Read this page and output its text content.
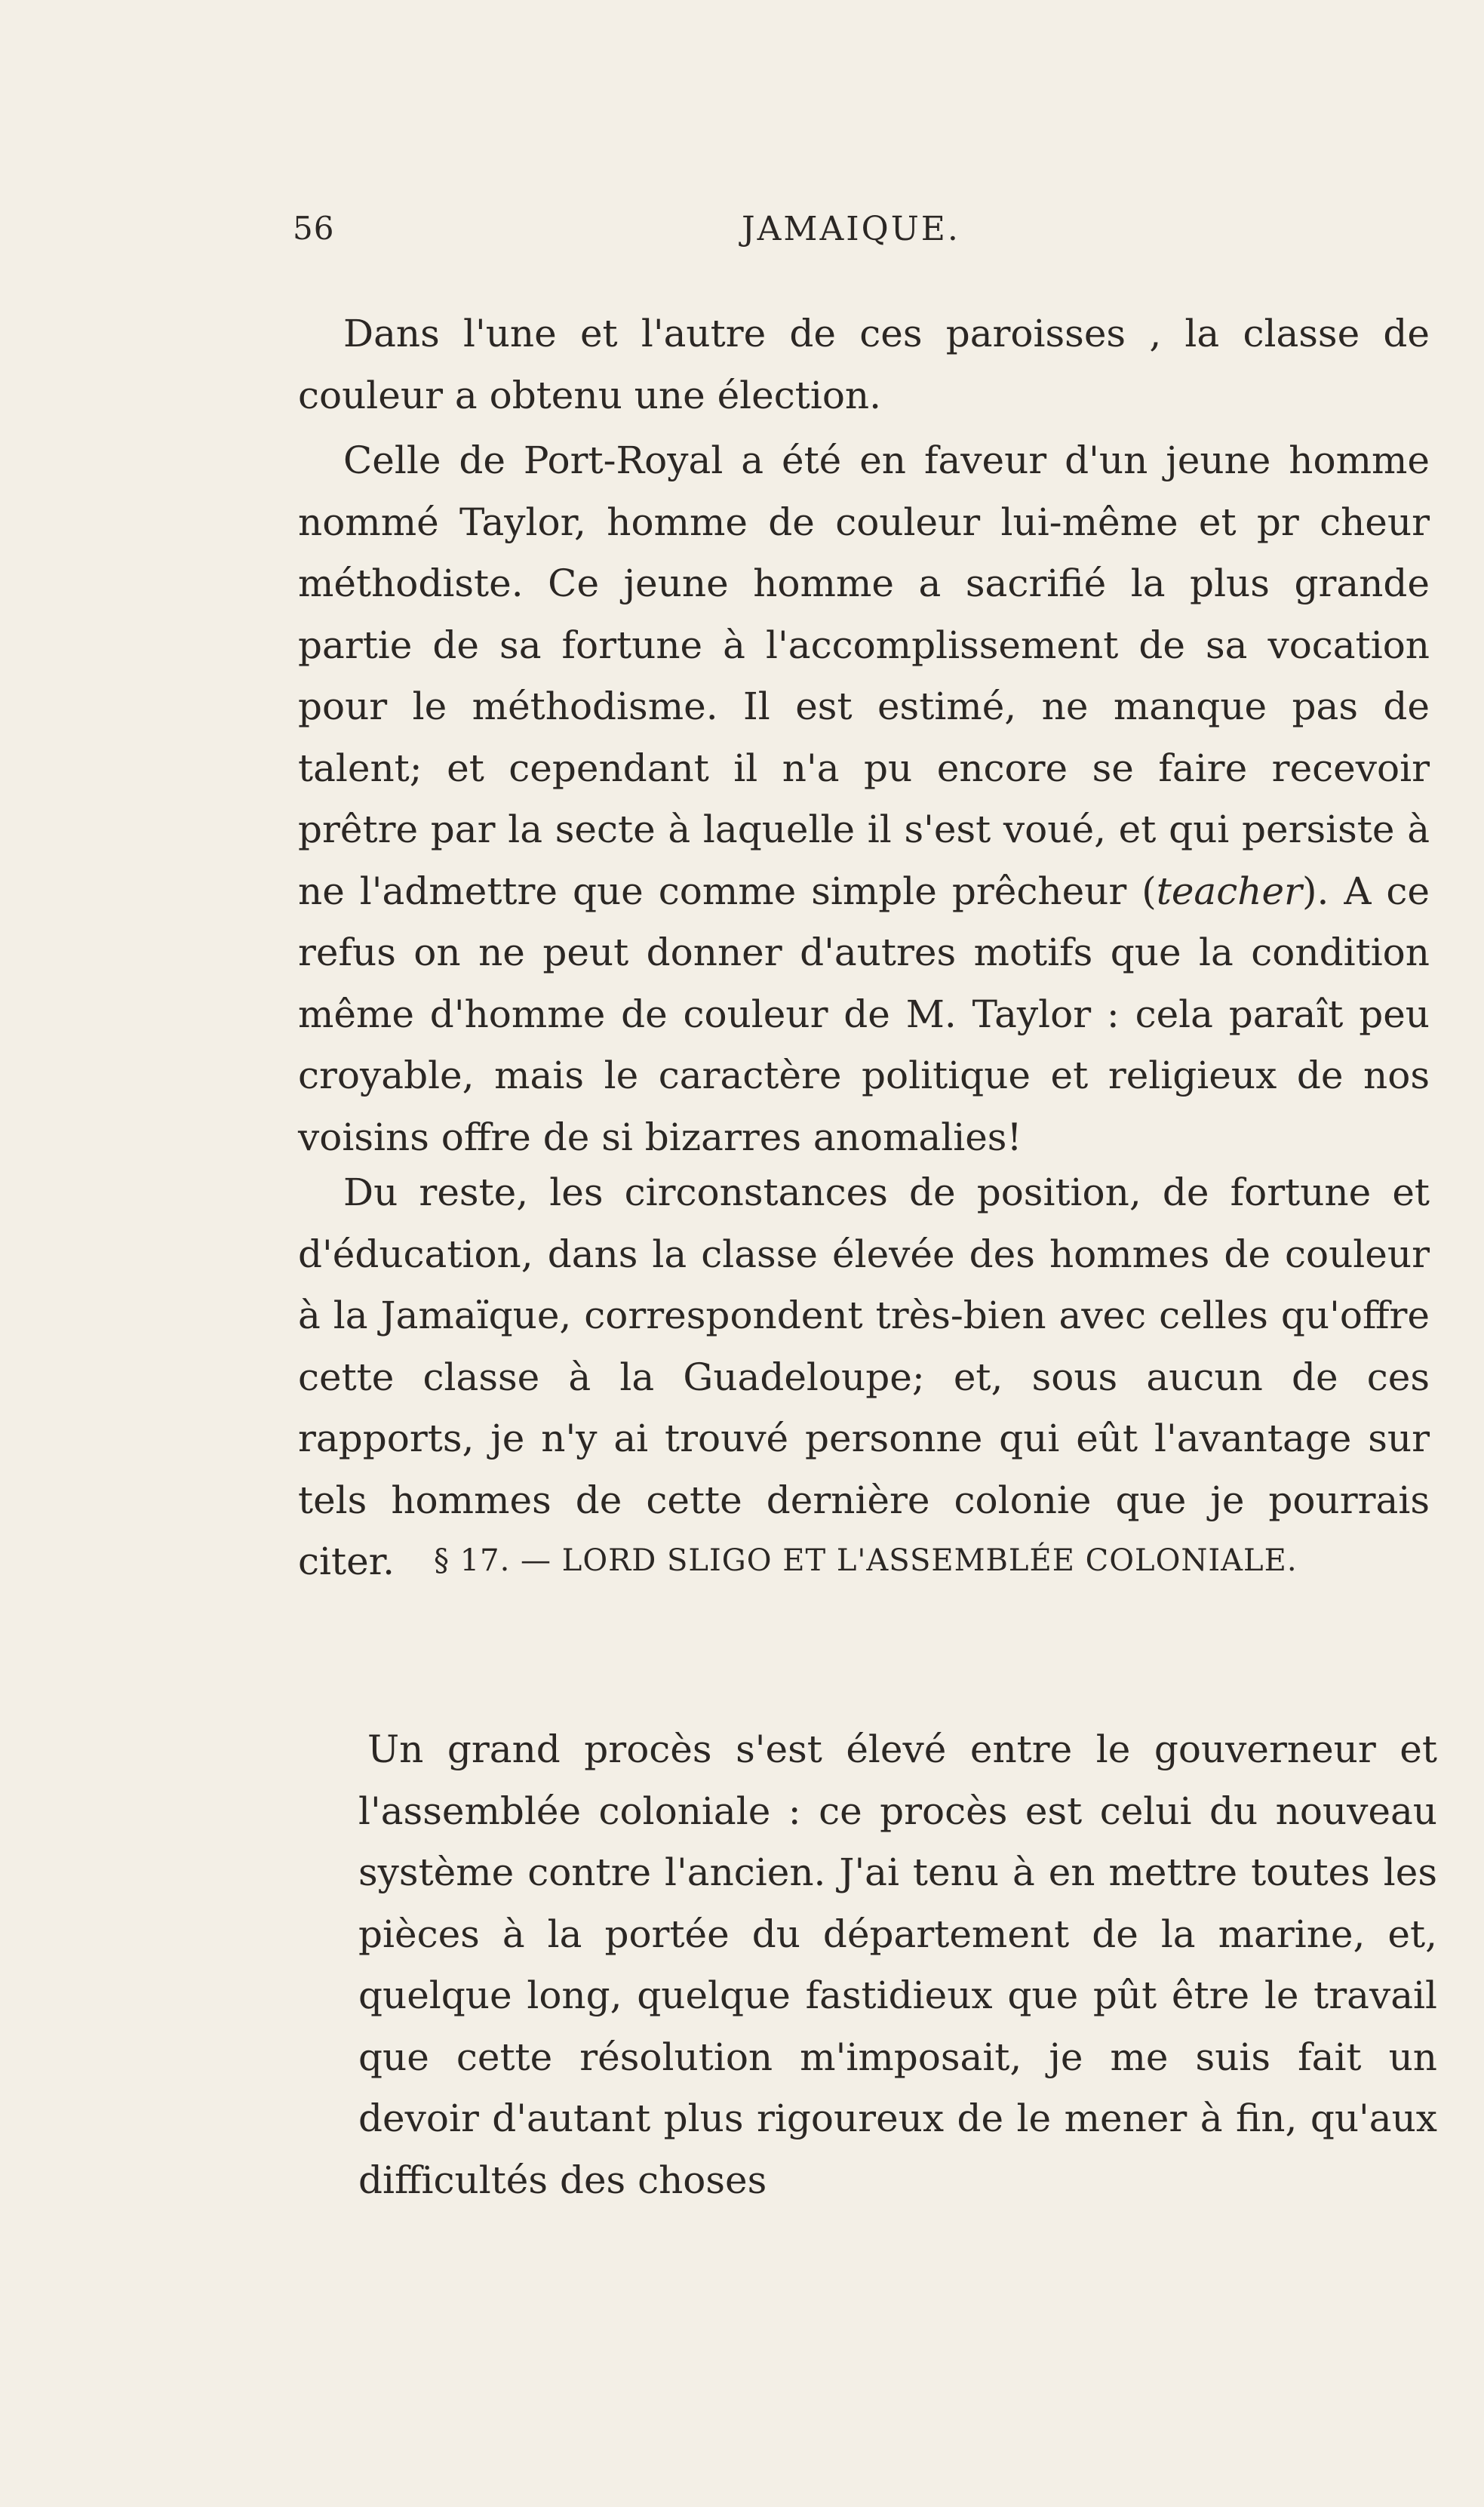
56	JAMAIQUE.

Dans l'une et l'autre de ces paroisses , la classe de couleur a obtenu une élection.

Celle de Port-Royal a été en faveur d'un jeune homme nommé Taylor, homme de couleur lui-même et pr cheur méthodiste. Ce jeune homme a sacrifié la plus grande partie de sa fortune à l'accomplissement de sa vocation pour le méthodisme. Il est estimé, ne manque pas de talent; et cependant il n'a pu encore se faire recevoir prêtre par la secte à laquelle il s'est voué, et qui persiste à ne l'admettre que comme simple prêcheur (teacher). A ce refus on ne peut donner d'autres motifs que la condition même d'homme de couleur de M. Taylor : cela paraît peu croyable, mais le caractère politique et religieux de nos voisins offre de si bizarres anomalies!

Du reste, les circonstances de position, de fortune et d'éducation, dans la classe élevée des hommes de couleur à la Jamaïque, correspondent très-bien avec celles qu'offre cette classe à la Guadeloupe; et, sous aucun de ces rapports, je n'y ai trouvé personne qui eût l'avantage sur tels hommes de cette dernière colonie que je pourrais citer.	§ 17. — LORD SLIGO ET L'ASSEMBLÉE COLONIALE.

Un grand procès s'est élevé entre le gouverneur et l'assemblée coloniale : ce procès est celui du nouveau système contre l'ancien. J'ai tenu à en mettre toutes les pièces à la portée du département de la marine, et, quelque long, quelque fastidieux que pût être le travail que cette résolution m'imposait, je me suis fait un devoir d'autant plus rigoureux de le mener à fin, qu'aux difficultés des choses
